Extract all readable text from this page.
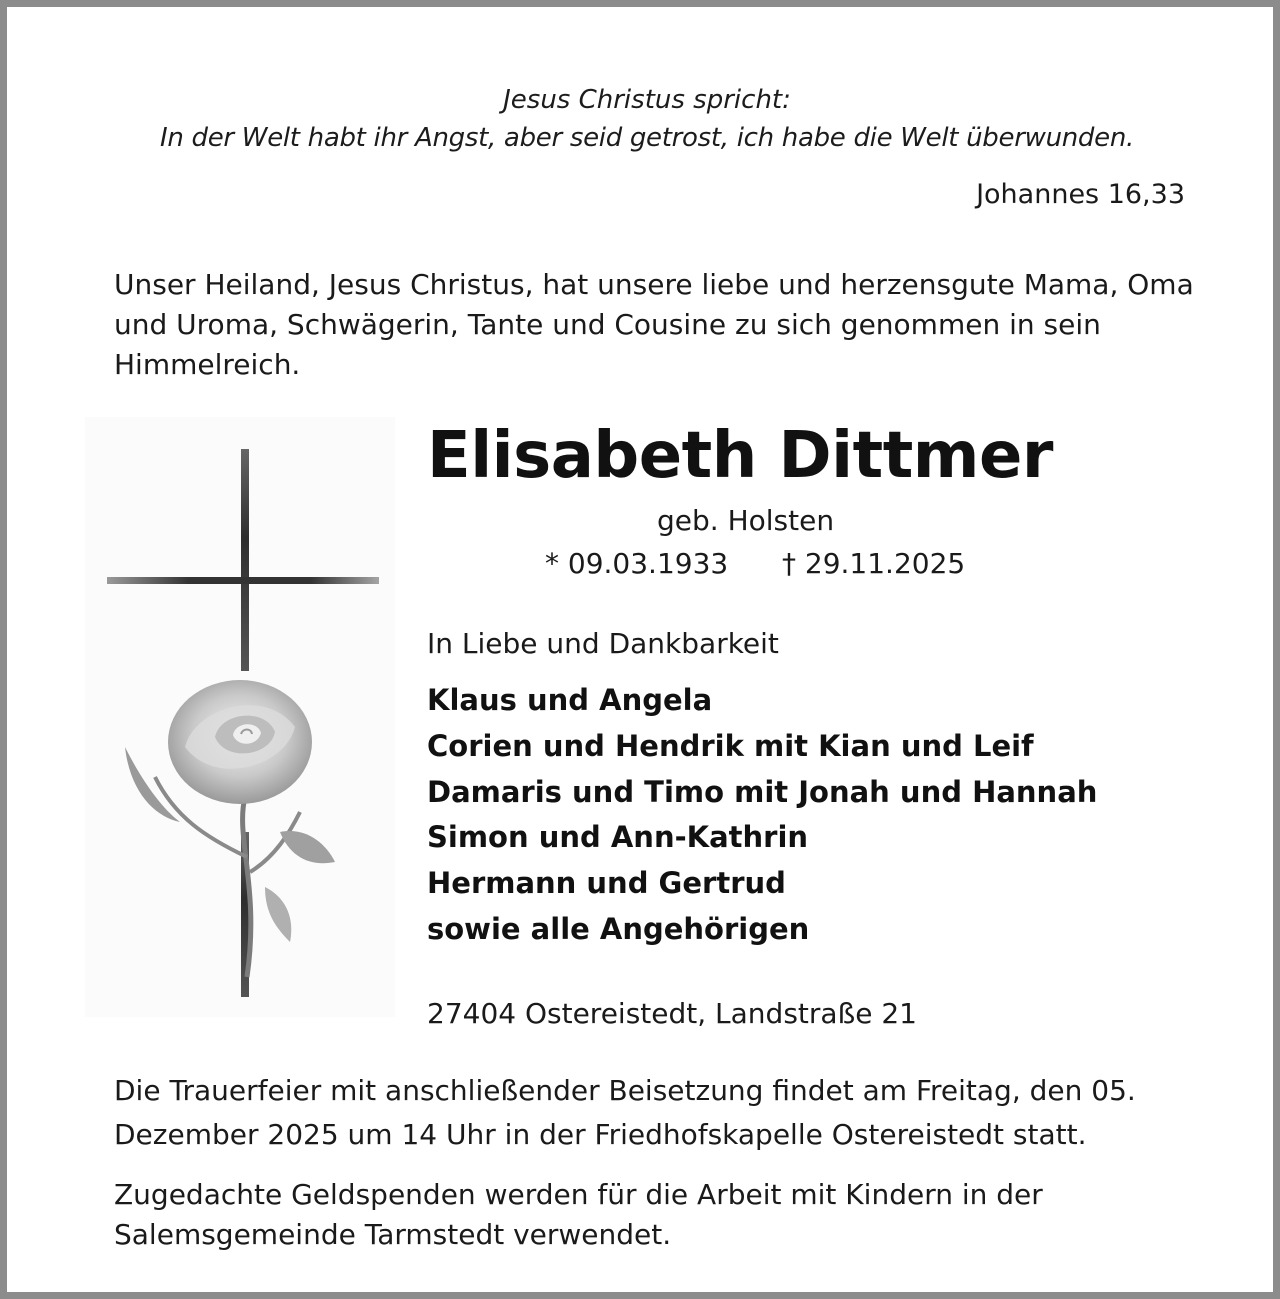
Jesus Christus spricht:
In der Welt habt ihr Angst, aber seid getrost, ich habe die Welt überwunden.
Johannes 16,33
Unser Heiland, Jesus Christus, hat unsere liebe und herzensgute Mama, Oma und Uroma, Schwägerin, Tante und Cousine zu sich genommen in sein Himmelreich.
Elisabeth Dittmer
geb. Holsten
* 09.03.1933 † 29.11.2025
In Liebe und Dankbarkeit
Klaus und Angela
Corien und Hendrik mit Kian und Leif
Damaris und Timo mit Jonah und Hannah
Simon und Ann-Kathrin
Hermann und Gertrud
sowie alle Angehörigen
27404 Ostereistedt, Landstraße 21
Die Trauerfeier mit anschließender Beisetzung findet am Freitag, den 05. Dezember 2025 um 14 Uhr in der Friedhofskapelle Ostereistedt statt.
Zugedachte Geldspenden werden für die Arbeit mit Kindern in der Salemsgemeinde Tarmstedt verwendet.
